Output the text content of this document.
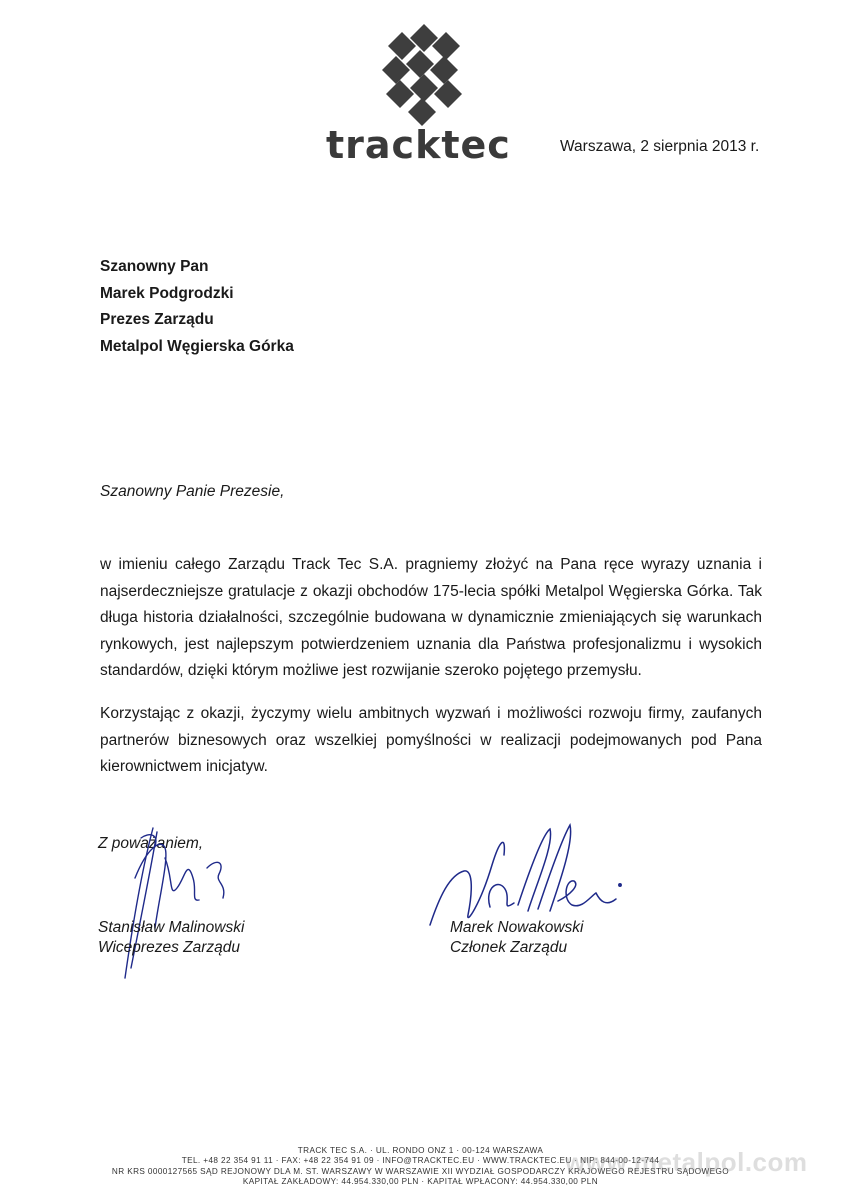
tracktec	Warszawa, 2 sierpnia 2013 r.
Szanowny Pan
Marek Podgrodzki
Prezes Zarządu
Metalpol Węgierska Górka
Szanowny Panie Prezesie,
w imieniu całego Zarządu Track Tec S.A. pragniemy złożyć na Pana ręce wyrazy uznania i najserdeczniejsze gratulacje z okazji obchodów 175-lecia spółki Metalpol Węgierska Górka. Tak długa historia działalności, szczególnie budowana w dynamicznie zmieniających się warunkach rynkowych, jest najlepszym potwierdzeniem uznania dla Państwa profesjonalizmu i wysokich standardów, dzięki którym możliwe jest rozwijanie szeroko pojętego przemysłu.
Korzystając z okazji, życzymy wielu ambitnych wyzwań i możliwości rozwoju firmy, zaufanych partnerów biznesowych oraz wszelkiej pomyślności w realizacji podejmowanych pod Pana kierownictwem inicjatyw.
Z poważaniem,
Stanisław Malinowski
Wiceprezes Zarządu
Marek Nowakowski
Członek Zarządu
TRACK TEC S.A. · UL. RONDO ONZ 1 · 00-124 WARSZAWA
TEL. +48 22 354 91 11 · FAX: +48 22 354 91 09 · INFO@TRACKTEC.EU · WWW.TRACKTEC.EU · NIP: 844-00-12-744
NR KRS 0000127565 SĄD REJONOWY DLA M. ST. WARSZAWY W WARSZAWIE XII WYDZIAŁ GOSPODARCZY KRAJOWEGO REJESTRU SĄDOWEGO
KAPITAŁ ZAKŁADOWY: 44.954.330,00 PLN · KAPITAŁ WPŁACONY: 44.954.330,00 PLN
www.metalpol.com
